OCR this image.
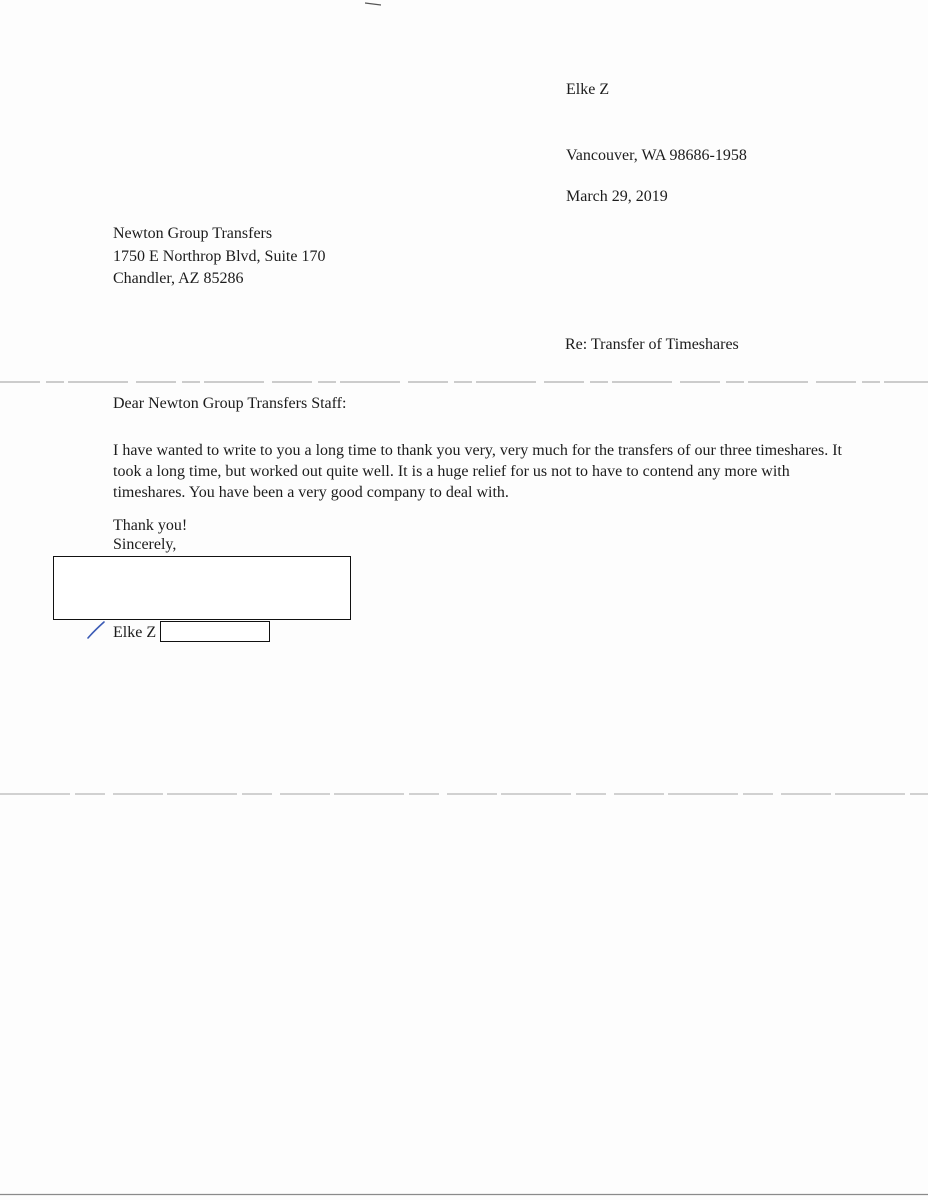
Elke Z
Vancouver, WA 98686-1958
March 29, 2019
Newton Group Transfers
1750 E Northrop Blvd, Suite 170
Chandler, AZ 85286
Re: Transfer of Timeshares
Dear Newton Group Transfers Staff:
I have wanted to write to you a long time to thank you very, very much for the transfers of our three timeshares. It took a long time, but worked out quite well. It is a huge relief for us not to have to contend any more with timeshares. You have been a very good company to deal with.
Thank you!
Sincerely,
Elke Z
